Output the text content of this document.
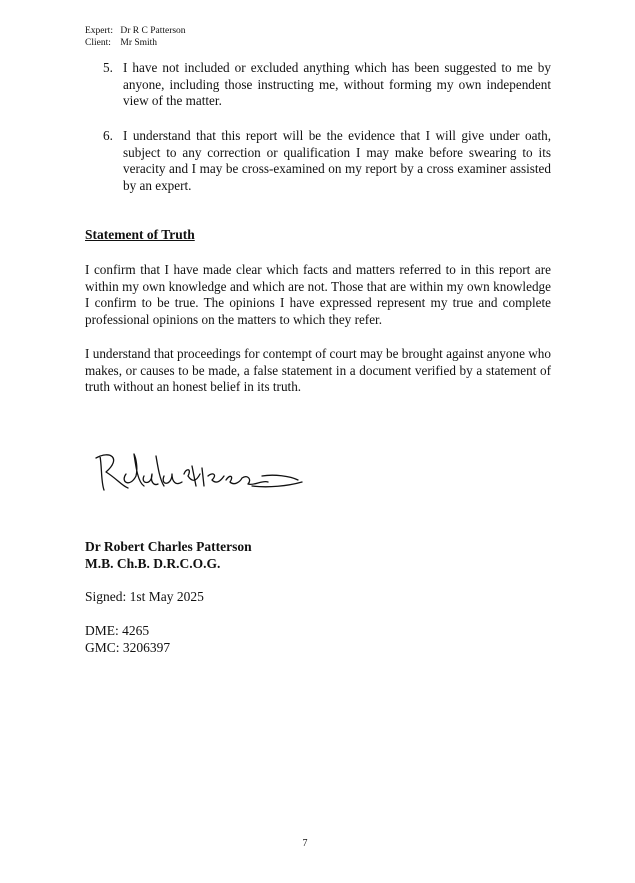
Expert: Dr R C Patterson
Client: Mr Smith
5. I have not included or excluded anything which has been suggested to me by anyone, including those instructing me, without forming my own independent view of the matter.
6. I understand that this report will be the evidence that I will give under oath, subject to any correction or qualification I may make before swearing to its veracity and I may be cross-examined on my report by a cross examiner assisted by an expert.
Statement of Truth
I confirm that I have made clear which facts and matters referred to in this report are within my own knowledge and which are not. Those that are within my own knowledge I confirm to be true. The opinions I have expressed represent my true and complete professional opinions on the matters to which they refer.
I understand that proceedings for contempt of court may be brought against anyone who makes, or causes to be made, a false statement in a document verified by a statement of truth without an honest belief in its truth.
Dr Robert Charles Patterson
M.B. Ch.B. D.R.C.O.G.
Signed: 1st May 2025
DME: 4265
GMC: 3206397
7
